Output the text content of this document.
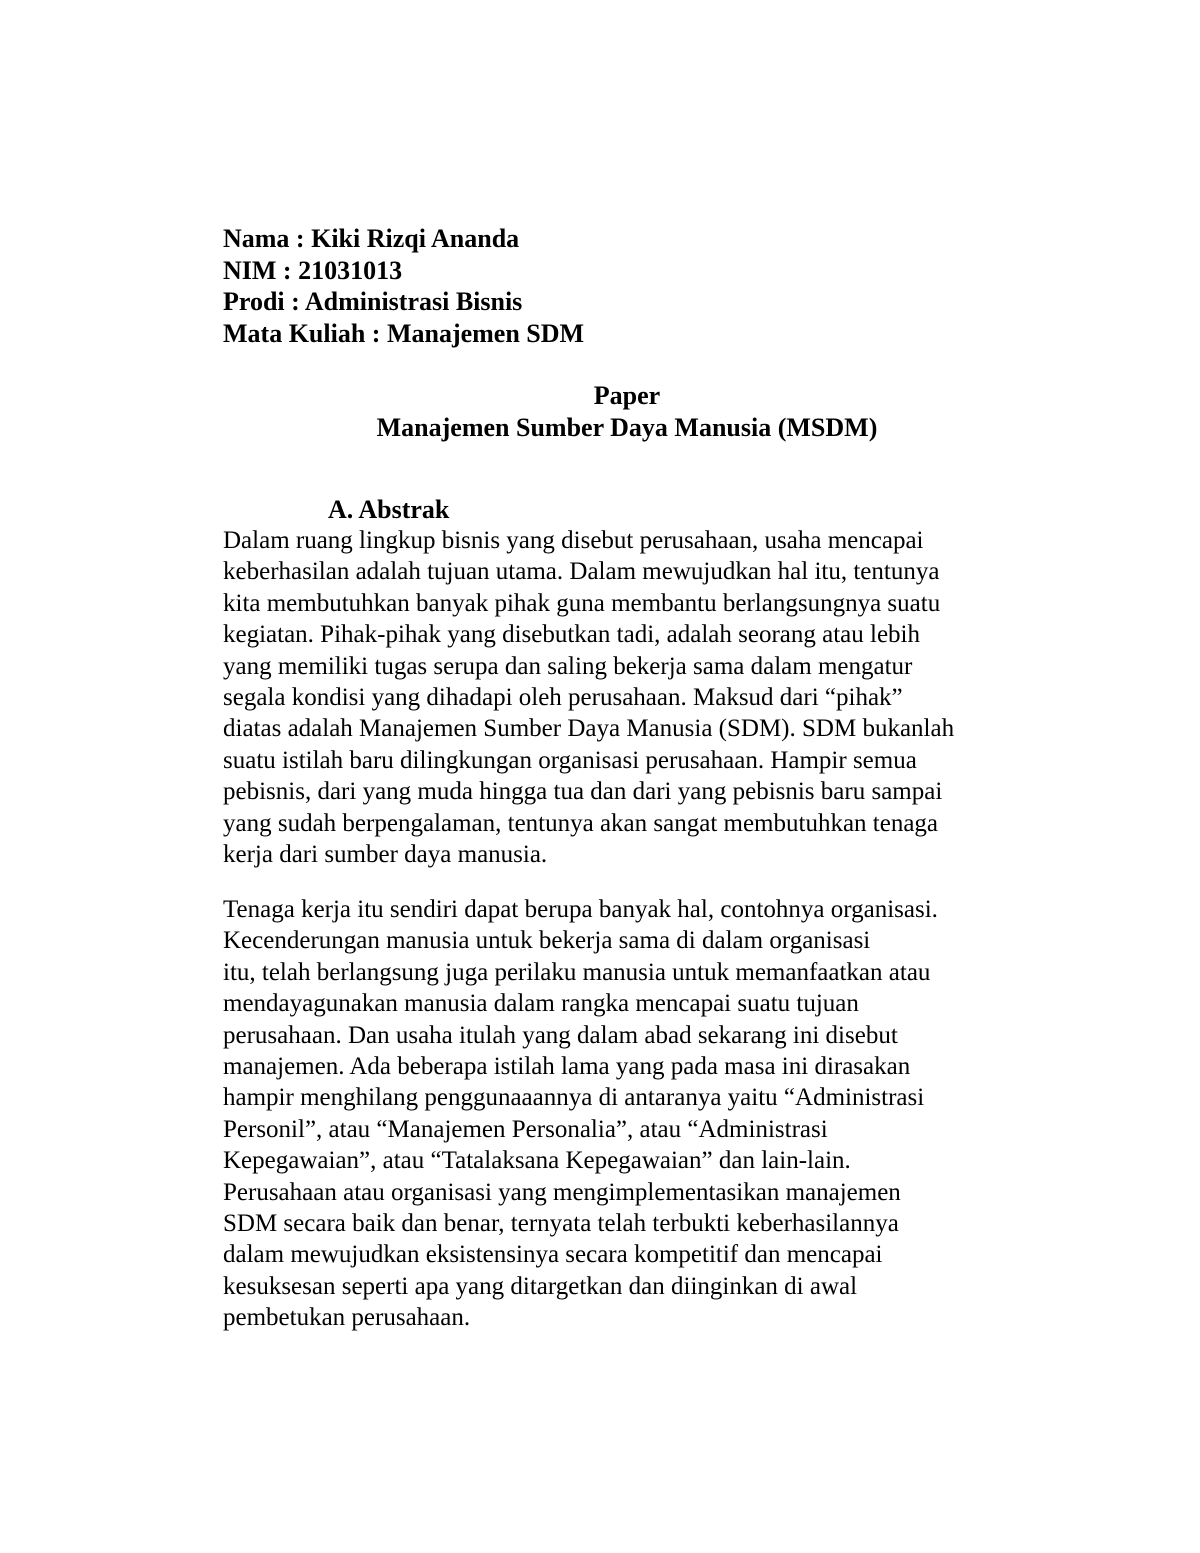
Nama : Kiki Rizqi Ananda
NIM : 21031013
Prodi : Administrasi Bisnis
Mata Kuliah : Manajemen SDM
Paper
Manajemen Sumber Daya Manusia (MSDM)
A. Abstrak
Dalam ruang lingkup bisnis yang disebut perusahaan, usaha mencapai
keberhasilan adalah tujuan utama. Dalam mewujudkan hal itu, tentunya
kita membutuhkan banyak pihak guna membantu berlangsungnya suatu
kegiatan. Pihak-pihak yang disebutkan tadi, adalah seorang atau lebih
yang memiliki tugas serupa dan saling bekerja sama dalam mengatur
segala kondisi yang dihadapi oleh perusahaan. Maksud dari “pihak”
diatas adalah Manajemen Sumber Daya Manusia (SDM). SDM bukanlah
suatu istilah baru dilingkungan organisasi perusahaan. Hampir semua
pebisnis, dari yang muda hingga tua dan dari yang pebisnis baru sampai
yang sudah berpengalaman, tentunya akan sangat membutuhkan tenaga
kerja dari sumber daya manusia.
Tenaga kerja itu sendiri dapat berupa banyak hal, contohnya organisasi.
Kecenderungan manusia untuk bekerja sama di dalam organisasi
itu, telah berlangsung juga perilaku manusia untuk memanfaatkan atau
mendayagunakan manusia dalam rangka mencapai suatu tujuan
perusahaan. Dan usaha itulah yang dalam abad sekarang ini disebut
manajemen. Ada beberapa istilah lama yang pada masa ini dirasakan
hampir menghilang penggunaaannya di antaranya yaitu “Administrasi
Personil”, atau “Manajemen Personalia”, atau “Administrasi
Kepegawaian”, atau “Tatalaksana Kepegawaian” dan lain-lain.
Perusahaan atau organisasi yang mengimplementasikan manajemen
SDM secara baik dan benar, ternyata telah terbukti keberhasilannya
dalam mewujudkan eksistensinya secara kompetitif dan mencapai
kesuksesan seperti apa yang ditargetkan dan diinginkan di awal
pembetukan perusahaan.
